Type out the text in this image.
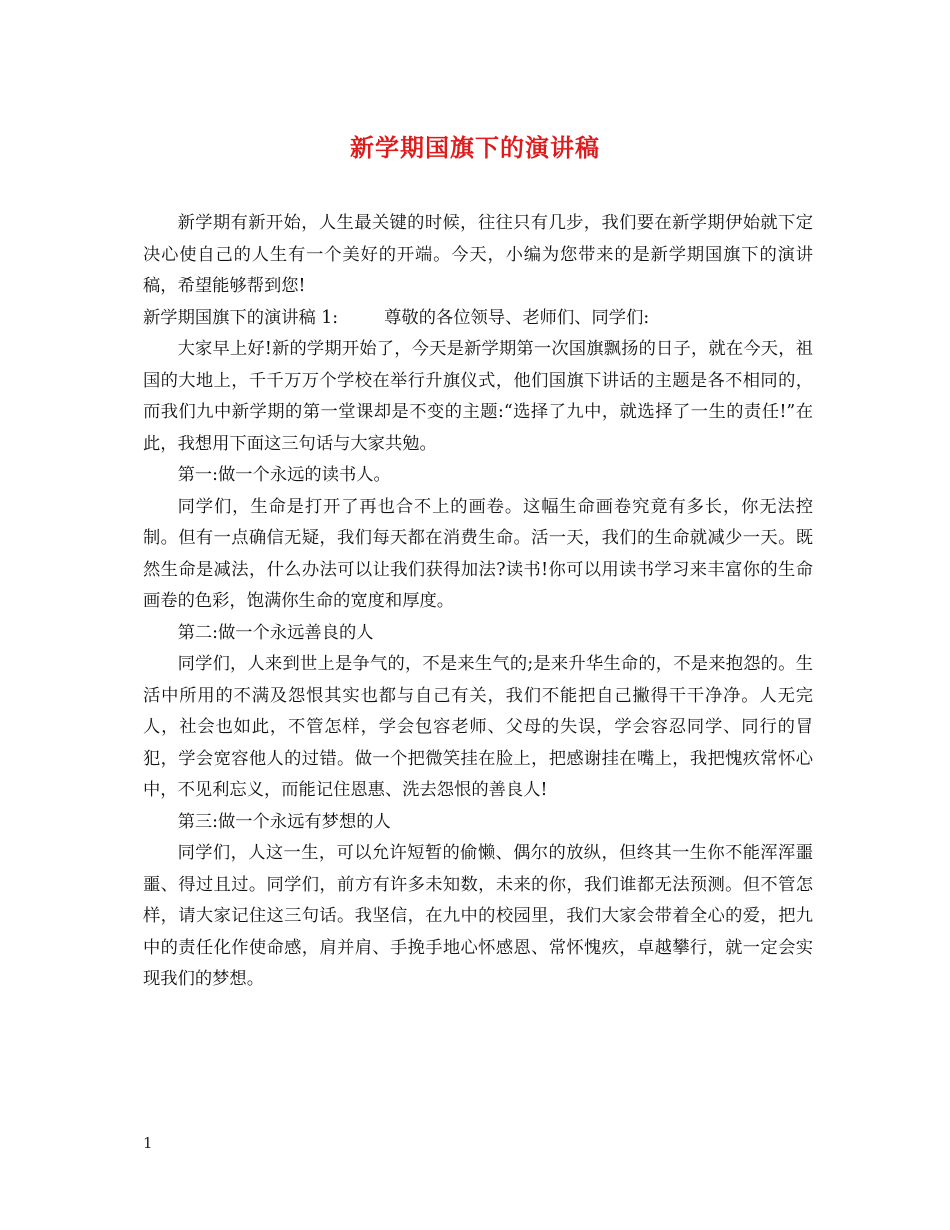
新学期国旗下的演讲稿

新学期有新开始，人生最关键的时候，往往只有几步，我们要在新学期伊始就下定决心使自己的人生有一个美好的开端。今天，小编为您带来的是新学期国旗下的演讲稿，希望能够帮到您!

新学期国旗下的演讲稿 1:	尊敬的各位领导、老师们、同学们:

大家早上好!新的学期开始了，今天是新学期第一次国旗飘扬的日子，就在今天，祖国的大地上，千千万万个学校在举行升旗仪式，他们国旗下讲话的主题是各不相同的，而我们九中新学期的第一堂课却是不变的主题:“选择了九中，就选择了一生的责任!”在此，我想用下面这三句话与大家共勉。

第一:做一个永远的读书人。

同学们，生命是打开了再也合不上的画卷。这幅生命画卷究竟有多长，你无法控制。但有一点确信无疑，我们每天都在消费生命。活一天，我们的生命就减少一天。既然生命是减法，什么办法可以让我们获得加法?读书!你可以用读书学习来丰富你的生命画卷的色彩，饱满你生命的宽度和厚度。

第二:做一个永远善良的人

同学们，人来到世上是争气的，不是来生气的;是来升华生命的，不是来抱怨的。生活中所用的不满及怨恨其实也都与自己有关，我们不能把自己撇得干干净净。人无完人，社会也如此，不管怎样，学会包容老师、父母的失误，学会容忍同学、同行的冒犯，学会宽容他人的过错。做一个把微笑挂在脸上，把感谢挂在嘴上，我把愧疚常怀心中，不见利忘义，而能记住恩惠、洗去怨恨的善良人!

第三:做一个永远有梦想的人

同学们，人这一生，可以允许短暂的偷懒、偶尔的放纵，但终其一生你不能浑浑噩噩、得过且过。同学们，前方有许多未知数，未来的你，我们谁都无法预测。但不管怎样，请大家记住这三句话。我坚信，在九中的校园里，我们大家会带着全心的爱，把九中的责任化作使命感，肩并肩、手挽手地心怀感恩、常怀愧疚，卓越攀行，就一定会实现我们的梦想。

1
